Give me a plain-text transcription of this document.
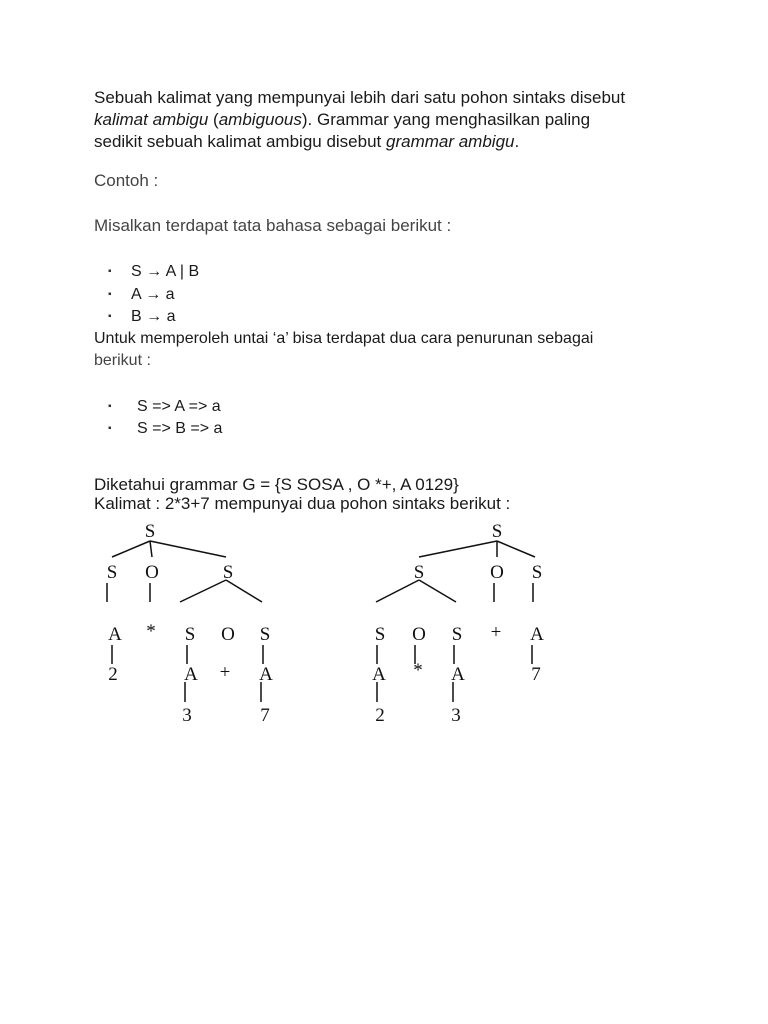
Sebuah kalimat yang mempunyai lebih dari satu pohon sintaks disebut
kalimat ambigu (ambiguous). Grammar yang menghasilkan paling
sedikit sebuah kalimat ambigu disebut grammar ambigu.
Contoh :
Misalkan terdapat tata bahasa sebagai berikut :
▪ S → A | B
▪ A → a
▪ B → a
Untuk memperoleh untai ‘a’ bisa terdapat dua cara penurunan sebagai
berikut :
▪ S => A => a
▪ S => B => a
Diketahui grammar G = {S SOSA , O *+, A 0129}
Kalimat : 2*3+7 mempunyai dua pohon sintaks berikut :
S
S O	S
A * S O S
2	A + A
3	7
S
S	O S
S O S + A
A * A	7
2	3
